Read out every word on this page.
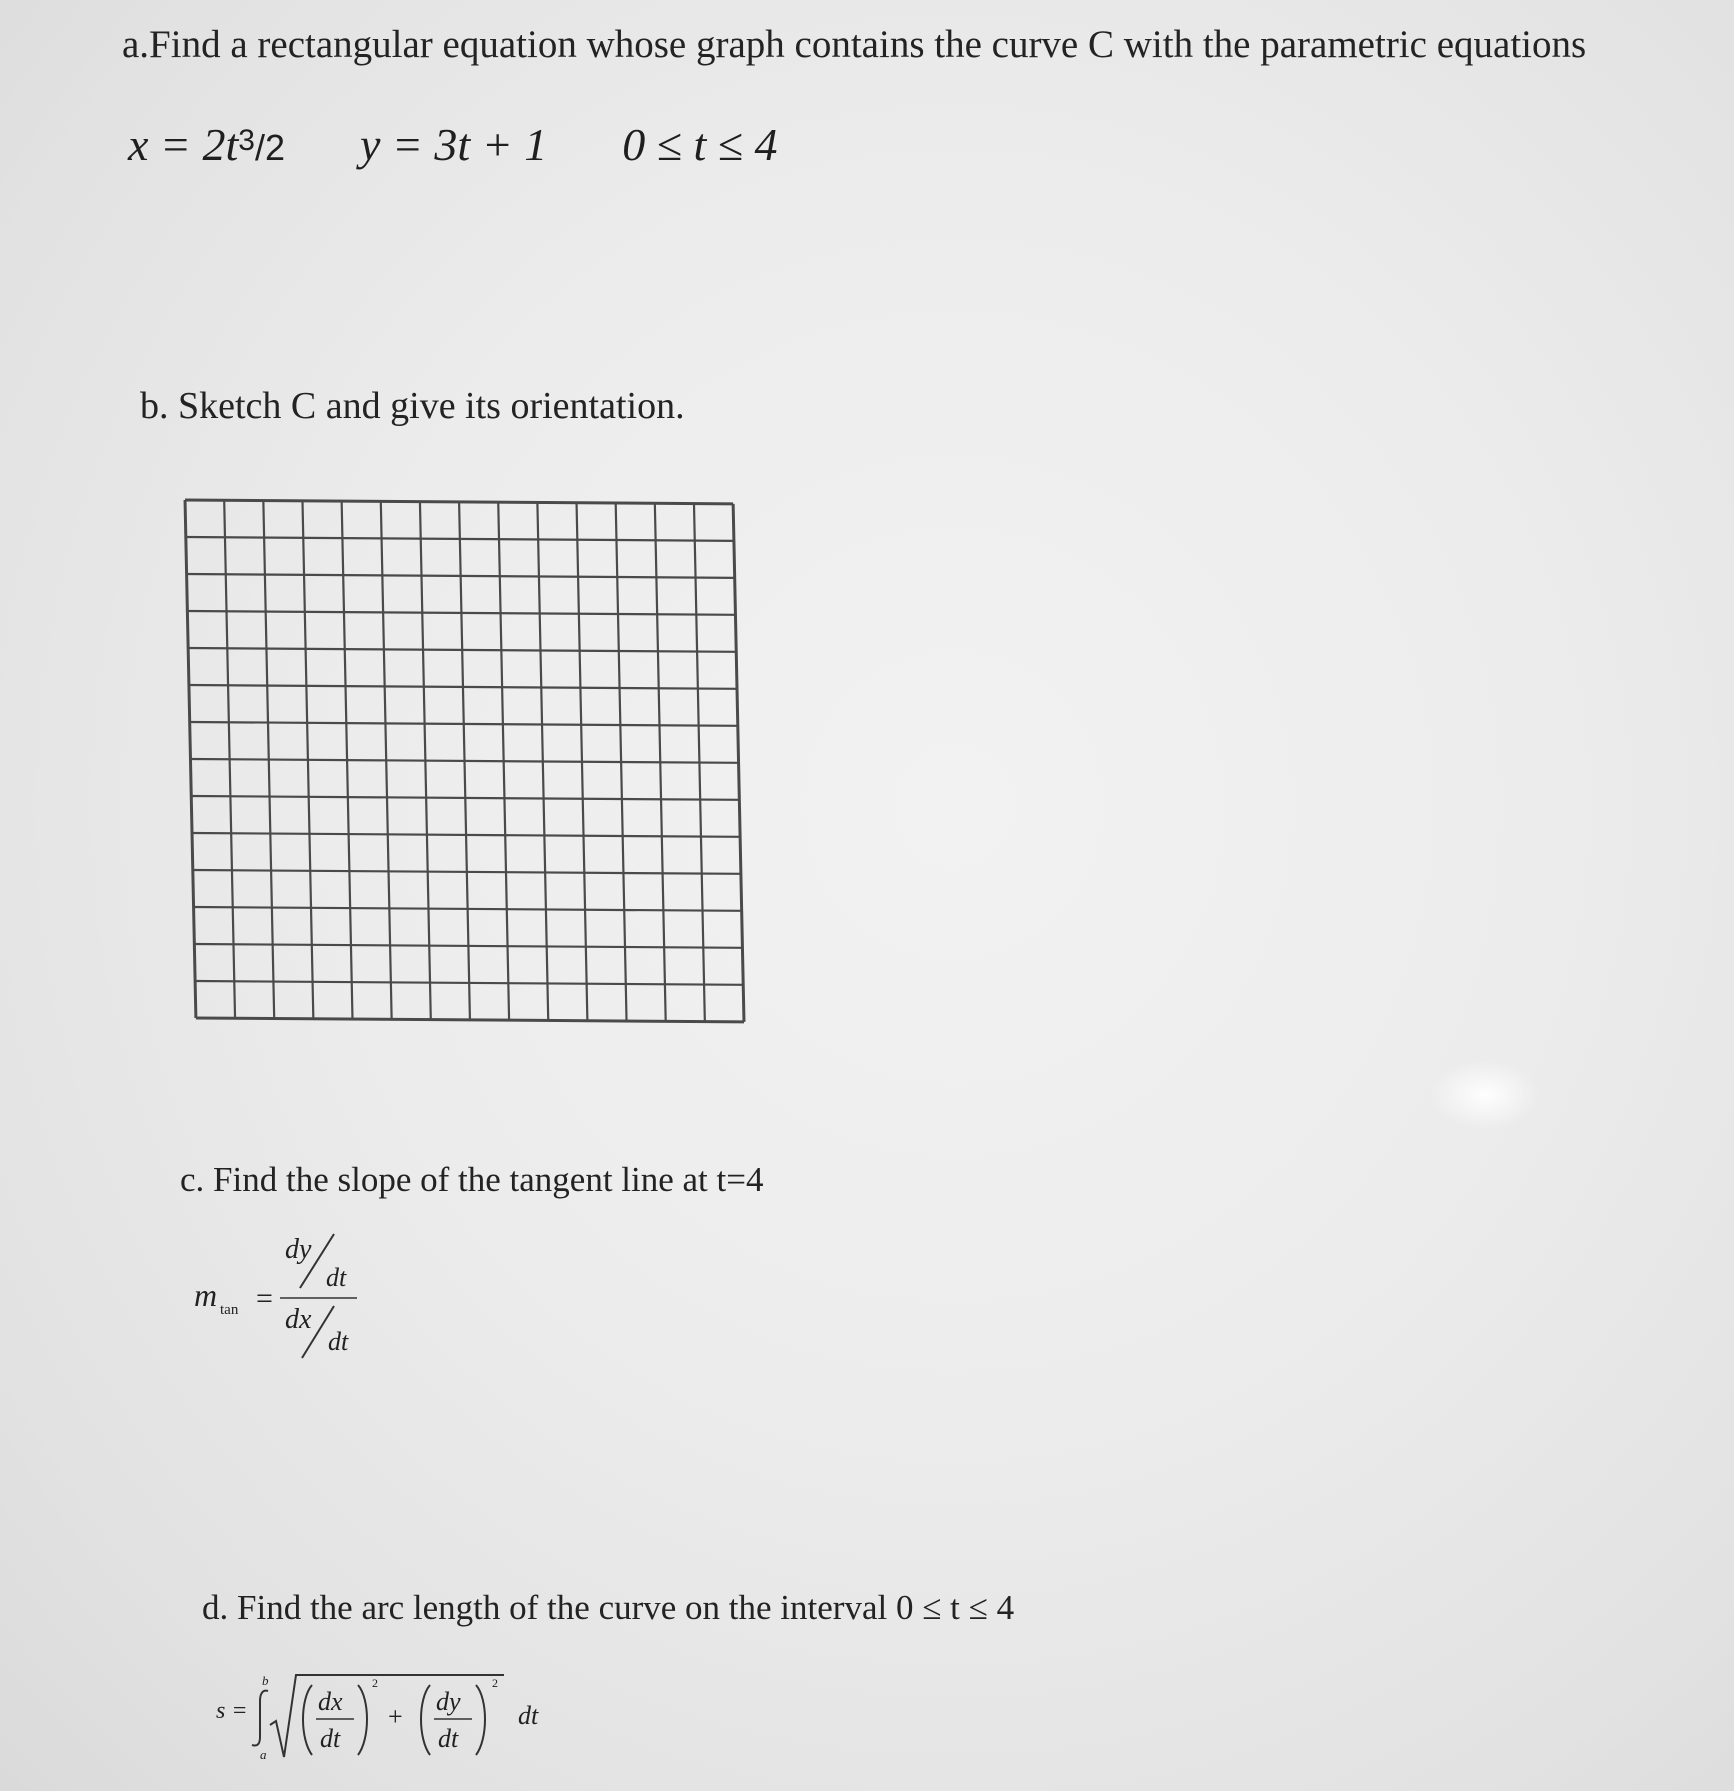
a.Find a rectangular equation whose graph contains the curve C with the parametric equations
$x = 2t^3/2$ y = 3t + 1 0 ≤ t ≤ 4
b. Sketch C and give its orientation.
c. Find the slope of the tangent line at t=4
m tan =
dy
dt
dx
dt
d. Find the arc length of the curve on the interval 0 ≤ t ≤ 4
s =
b
a
dx
dt
2
+
dy
dt
2
dt
